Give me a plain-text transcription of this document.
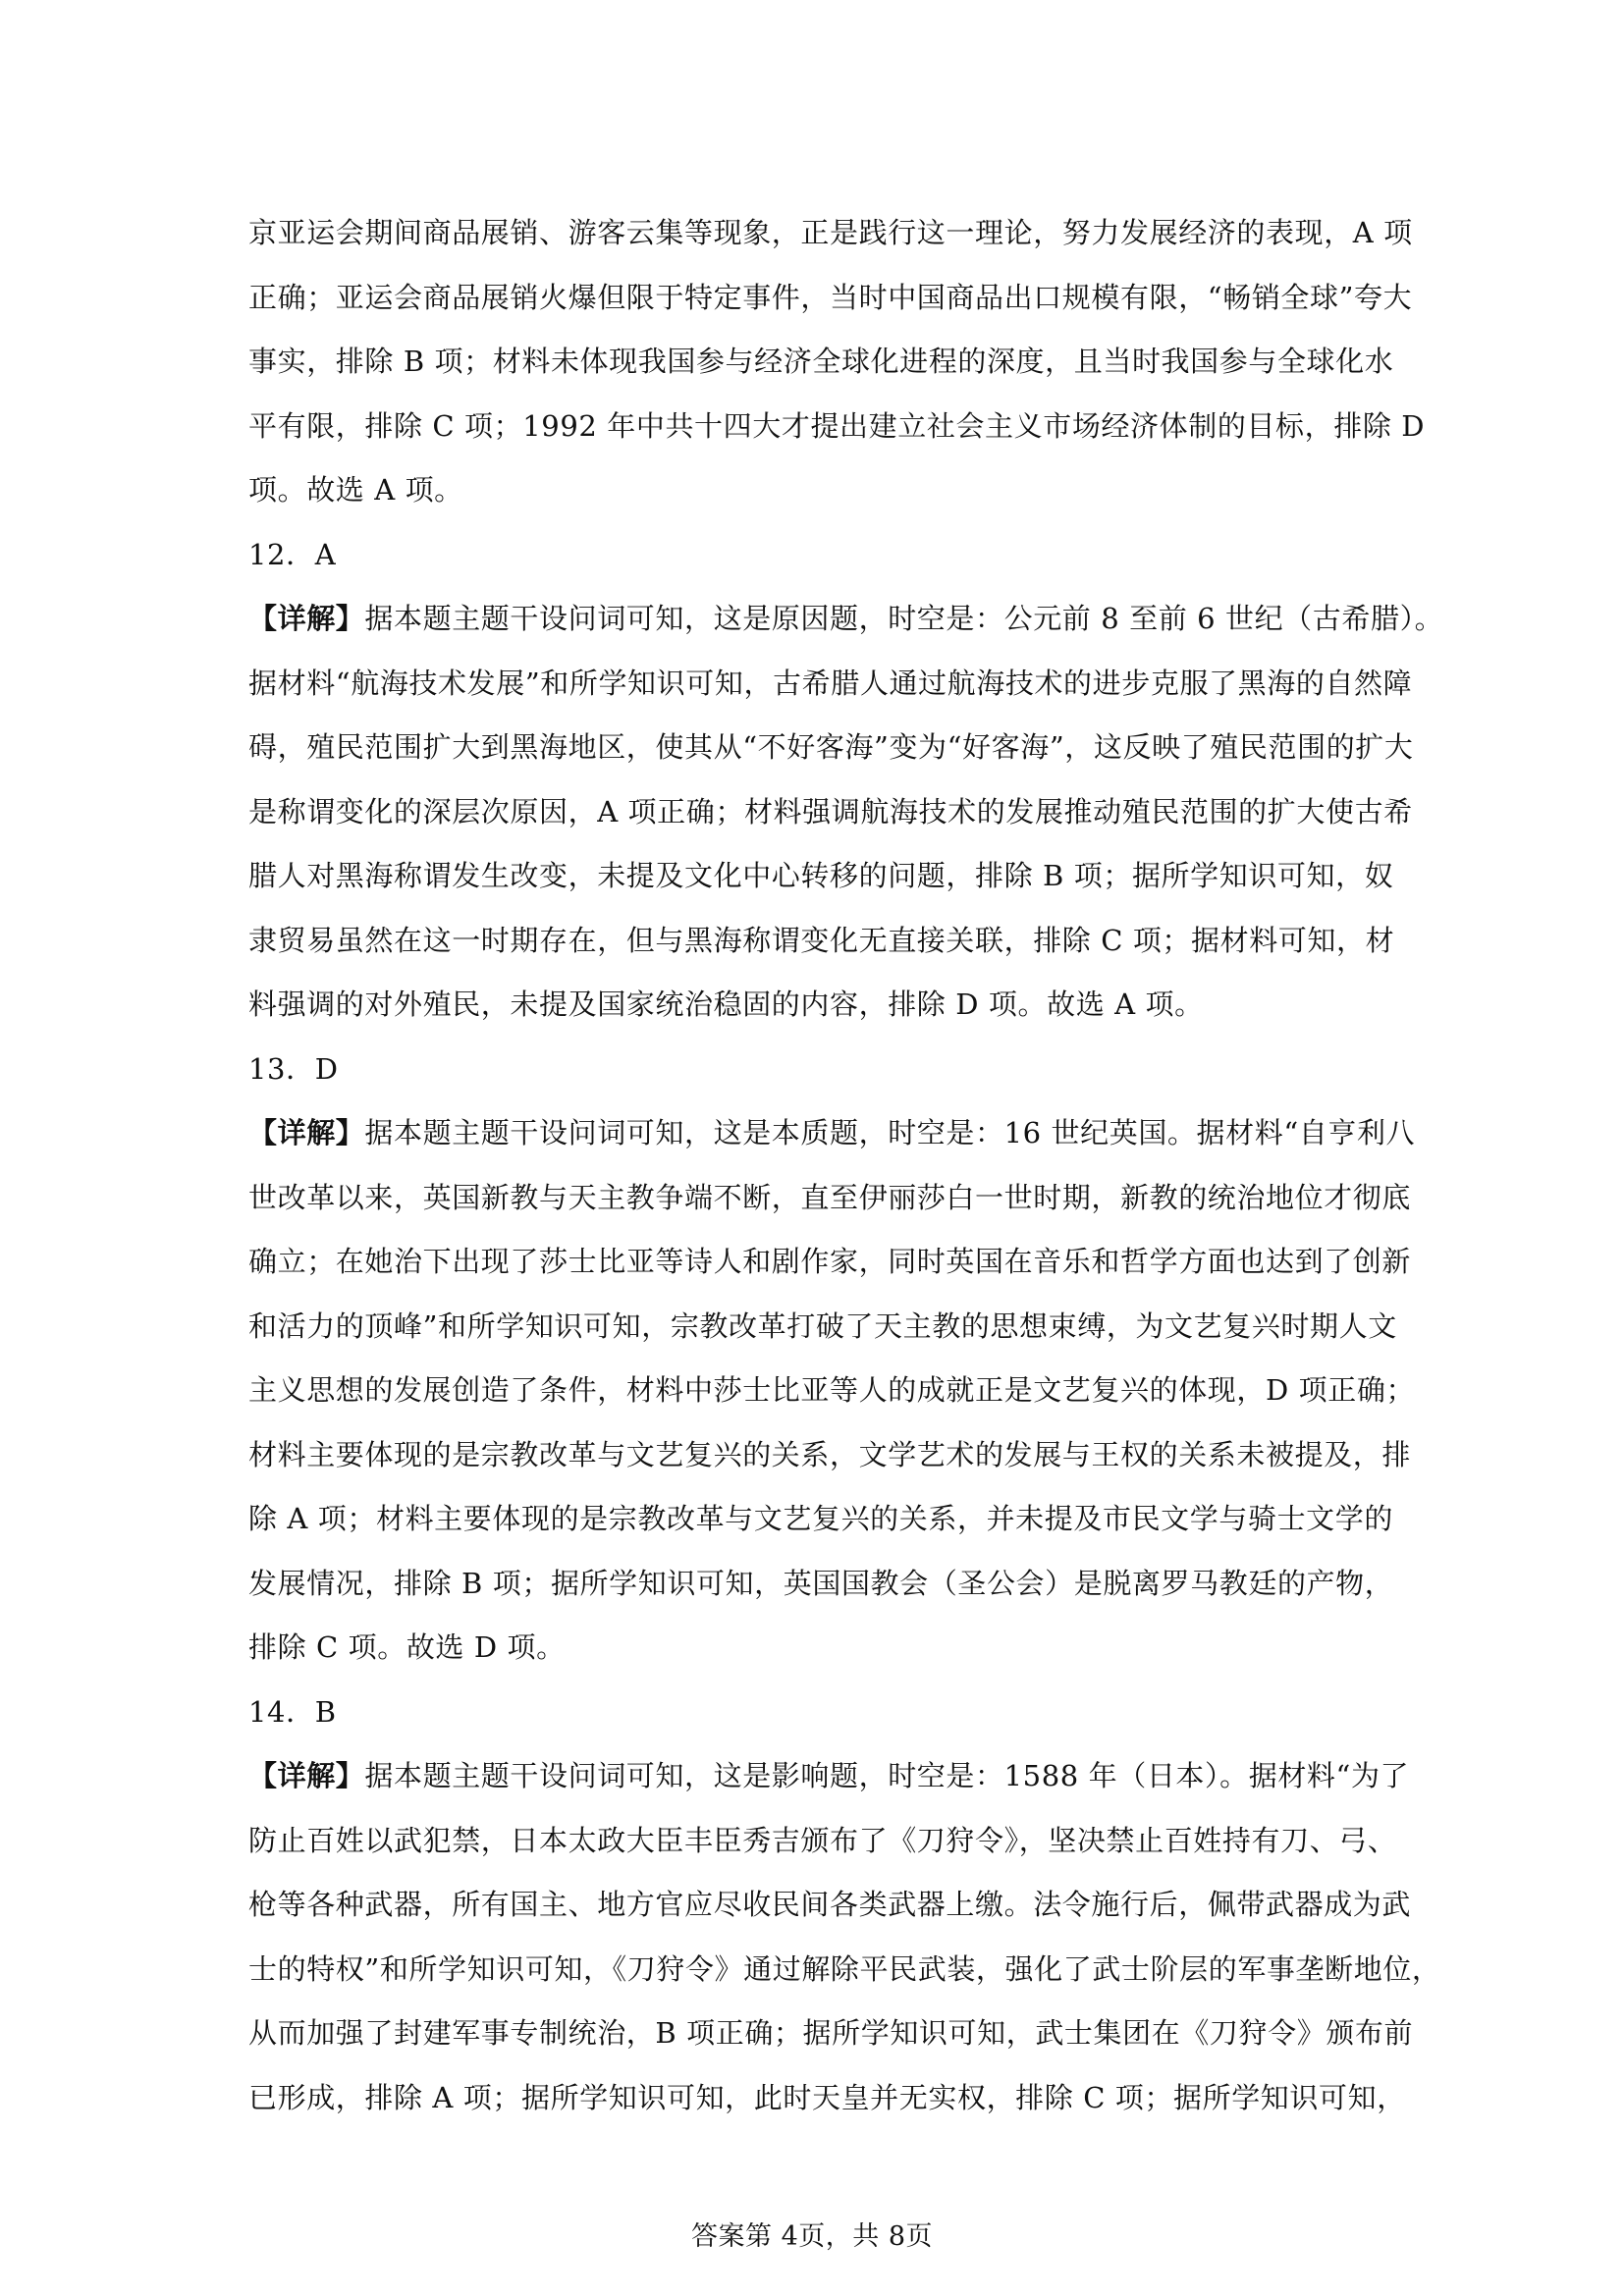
京亚运会期间商品展销、游客云集等现象，正是践行这一理论，努力发展经济的表现，A 项
正确；亚运会商品展销火爆但限于特定事件，当时中国商品出口规模有限，“畅销全球”夸大
事实，排除 B 项；材料未体现我国参与经济全球化进程的深度，且当时我国参与全球化水
平有限，排除 C 项；1992 年中共十四大才提出建立社会主义市场经济体制的目标，排除 D
项。故选 A 项。
12．A
【详解】据本题主题干设问词可知，这是原因题，时空是：公元前 8 至前 6 世纪（古希腊）。
据材料“航海技术发展”和所学知识可知，古希腊人通过航海技术的进步克服了黑海的自然障
碍，殖民范围扩大到黑海地区，使其从“不好客海”变为“好客海”，这反映了殖民范围的扩大
是称谓变化的深层次原因，A 项正确；材料强调航海技术的发展推动殖民范围的扩大使古希
腊人对黑海称谓发生改变，未提及文化中心转移的问题，排除 B 项；据所学知识可知，奴
隶贸易虽然在这一时期存在，但与黑海称谓变化无直接关联，排除 C 项；据材料可知，材
料强调的对外殖民，未提及国家统治稳固的内容，排除 D 项。故选 A 项。
13．D
【详解】据本题主题干设问词可知，这是本质题，时空是：16 世纪英国。据材料“自亨利八
世改革以来，英国新教与天主教争端不断，直至伊丽莎白一世时期，新教的统治地位才彻底
确立；在她治下出现了莎士比亚等诗人和剧作家，同时英国在音乐和哲学方面也达到了创新
和活力的顶峰”和所学知识可知，宗教改革打破了天主教的思想束缚，为文艺复兴时期人文
主义思想的发展创造了条件，材料中莎士比亚等人的成就正是文艺复兴的体现，D 项正确；
材料主要体现的是宗教改革与文艺复兴的关系，文学艺术的发展与王权的关系未被提及，排
除 A 项；材料主要体现的是宗教改革与文艺复兴的关系，并未提及市民文学与骑士文学的
发展情况，排除 B 项；据所学知识可知，英国国教会（圣公会）是脱离罗马教廷的产物，
排除 C 项。故选 D 项。
14．B
【详解】据本题主题干设问词可知，这是影响题，时空是：1588 年（日本）。据材料“为了
防止百姓以武犯禁，日本太政大臣丰臣秀吉颁布了《刀狩令》，坚决禁止百姓持有刀、弓、
枪等各种武器，所有国主、地方官应尽收民间各类武器上缴。法令施行后，佩带武器成为武
士的特权”和所学知识可知，《刀狩令》通过解除平民武装，强化了武士阶层的军事垄断地位，
从而加强了封建军事专制统治，B 项正确；据所学知识可知，武士集团在《刀狩令》颁布前
已形成，排除 A 项；据所学知识可知，此时天皇并无实权，排除 C 项；据所学知识可知，
答案第 4页，共 8页
